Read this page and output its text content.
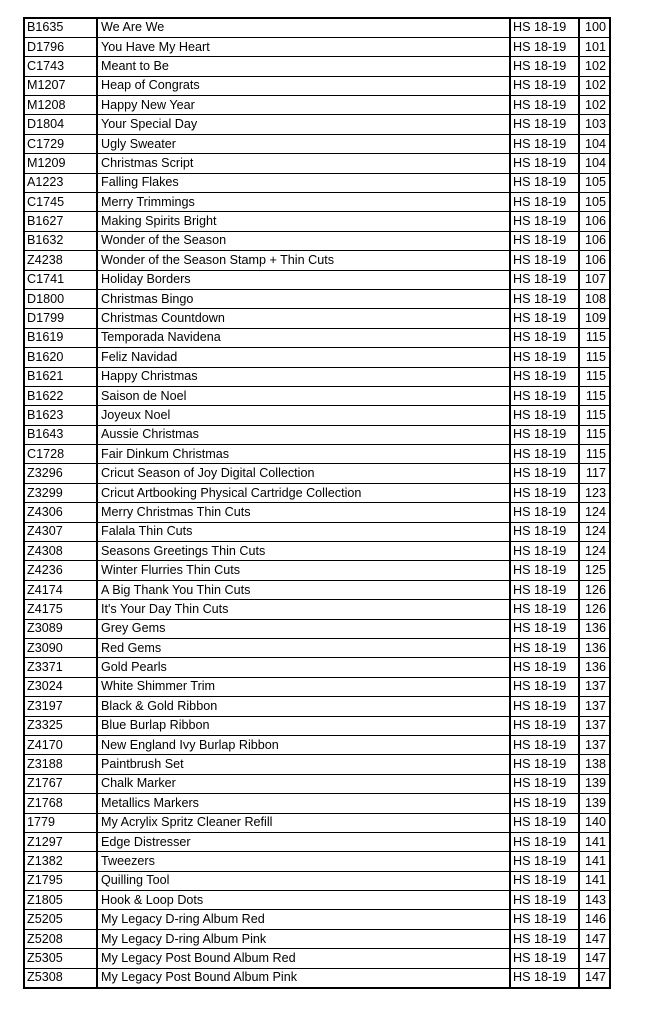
B1635	We Are We	HS 18-19	100
D1796	You Have My Heart	HS 18-19	101
C1743	Meant to Be	HS 18-19	102
M1207	Heap of Congrats	HS 18-19	102
M1208	Happy New Year	HS 18-19	102
D1804	Your Special Day	HS 18-19	103
C1729	Ugly Sweater	HS 18-19	104
M1209	Christmas Script	HS 18-19	104
A1223	Falling Flakes	HS 18-19	105
C1745	Merry Trimmings	HS 18-19	105
B1627	Making Spirits Bright	HS 18-19	106
B1632	Wonder of the Season	HS 18-19	106
Z4238	Wonder of the Season Stamp + Thin Cuts	HS 18-19	106
C1741	Holiday Borders	HS 18-19	107
D1800	Christmas Bingo	HS 18-19	108
D1799	Christmas Countdown	HS 18-19	109
B1619	Temporada Navidena	HS 18-19	115
B1620	Feliz Navidad	HS 18-19	115
B1621	Happy Christmas	HS 18-19	115
B1622	Saison de Noel	HS 18-19	115
B1623	Joyeux Noel	HS 18-19	115
B1643	Aussie Christmas	HS 18-19	115
C1728	Fair Dinkum Christmas	HS 18-19	115
Z3296	Cricut Season of Joy Digital Collection	HS 18-19	117
Z3299	Cricut Artbooking Physical Cartridge Collection	HS 18-19	123
Z4306	Merry Christmas Thin Cuts	HS 18-19	124
Z4307	Falala Thin Cuts	HS 18-19	124
Z4308	Seasons Greetings Thin Cuts	HS 18-19	124
Z4236	Winter Flurries Thin Cuts	HS 18-19	125
Z4174	A Big Thank You Thin Cuts	HS 18-19	126
Z4175	It's Your Day Thin Cuts	HS 18-19	126
Z3089	Grey Gems	HS 18-19	136
Z3090	Red Gems	HS 18-19	136
Z3371	Gold Pearls	HS 18-19	136
Z3024	White Shimmer Trim	HS 18-19	137
Z3197	Black & Gold Ribbon	HS 18-19	137
Z3325	Blue Burlap Ribbon	HS 18-19	137
Z4170	New England Ivy Burlap Ribbon	HS 18-19	137
Z3188	Paintbrush Set	HS 18-19	138
Z1767	Chalk Marker	HS 18-19	139
Z1768	Metallics Markers	HS 18-19	139
1779	My Acrylix Spritz Cleaner Refill	HS 18-19	140
Z1297	Edge Distresser	HS 18-19	141
Z1382	Tweezers	HS 18-19	141
Z1795	Quilling Tool	HS 18-19	141
Z1805	Hook & Loop Dots	HS 18-19	143
Z5205	My Legacy D-ring Album Red	HS 18-19	146
Z5208	My Legacy D-ring Album Pink	HS 18-19	147
Z5305	My Legacy Post Bound Album Red	HS 18-19	147
Z5308	My Legacy Post Bound Album Pink	HS 18-19	147
